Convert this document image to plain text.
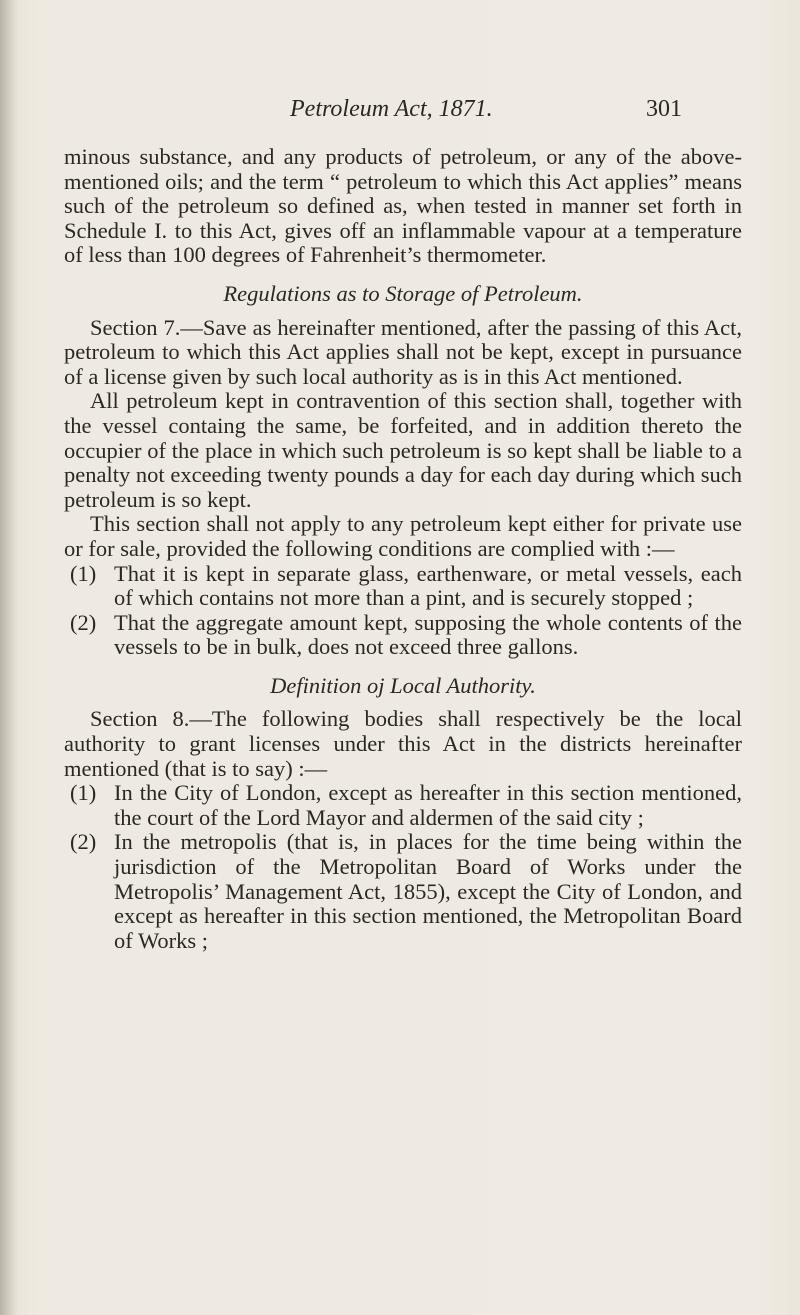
Petroleum Act, 1871.	301

minous substance, and any products of petroleum, or any of the above-mentioned oils; and the term “ petroleum to which this Act applies” means such of the petroleum so defined as, when tested in manner set forth in Schedule I. to this Act, gives off an inflammable vapour at a temperature of less than 100 degrees of Fahrenheit’s thermometer.

Regulations as to Storage of Petroleum.

Section 7.—Save as hereinafter mentioned, after the passing of this Act, petroleum to which this Act applies shall not be kept, except in pursuance of a license given by such local authority as is in this Act mentioned.

All petroleum kept in contravention of this section shall, together with the vessel containg the same, be forfeited, and in addition thereto the occupier of the place in which such petroleum is so kept shall be liable to a penalty not exceeding twenty pounds a day for each day during which such petroleum is so kept.

This section shall not apply to any petroleum kept either for private use or for sale, provided the following conditions are complied with :—

(1) That it is kept in separate glass, earthenware, or metal vessels, each of which contains not more than a pint, and is securely stopped ;
(2) That the aggregate amount kept, supposing the whole contents of the vessels to be in bulk, does not exceed three gallons.
Definition oj Local Authority.

Section 8.—The following bodies shall respectively be the local authority to grant licenses under this Act in the districts hereinafter mentioned (that is to say) :—

(1) In the City of London, except as hereafter in this section mentioned, the court of the Lord Mayor and aldermen of the said city ;
(2) In the metropolis (that is, in places for the time being within the jurisdiction of the Metropolitan Board of Works under the Metropolis’ Management Act, 1855), except the City of London, and except as hereafter in this section mentioned, the Metropolitan Board of Works ;
